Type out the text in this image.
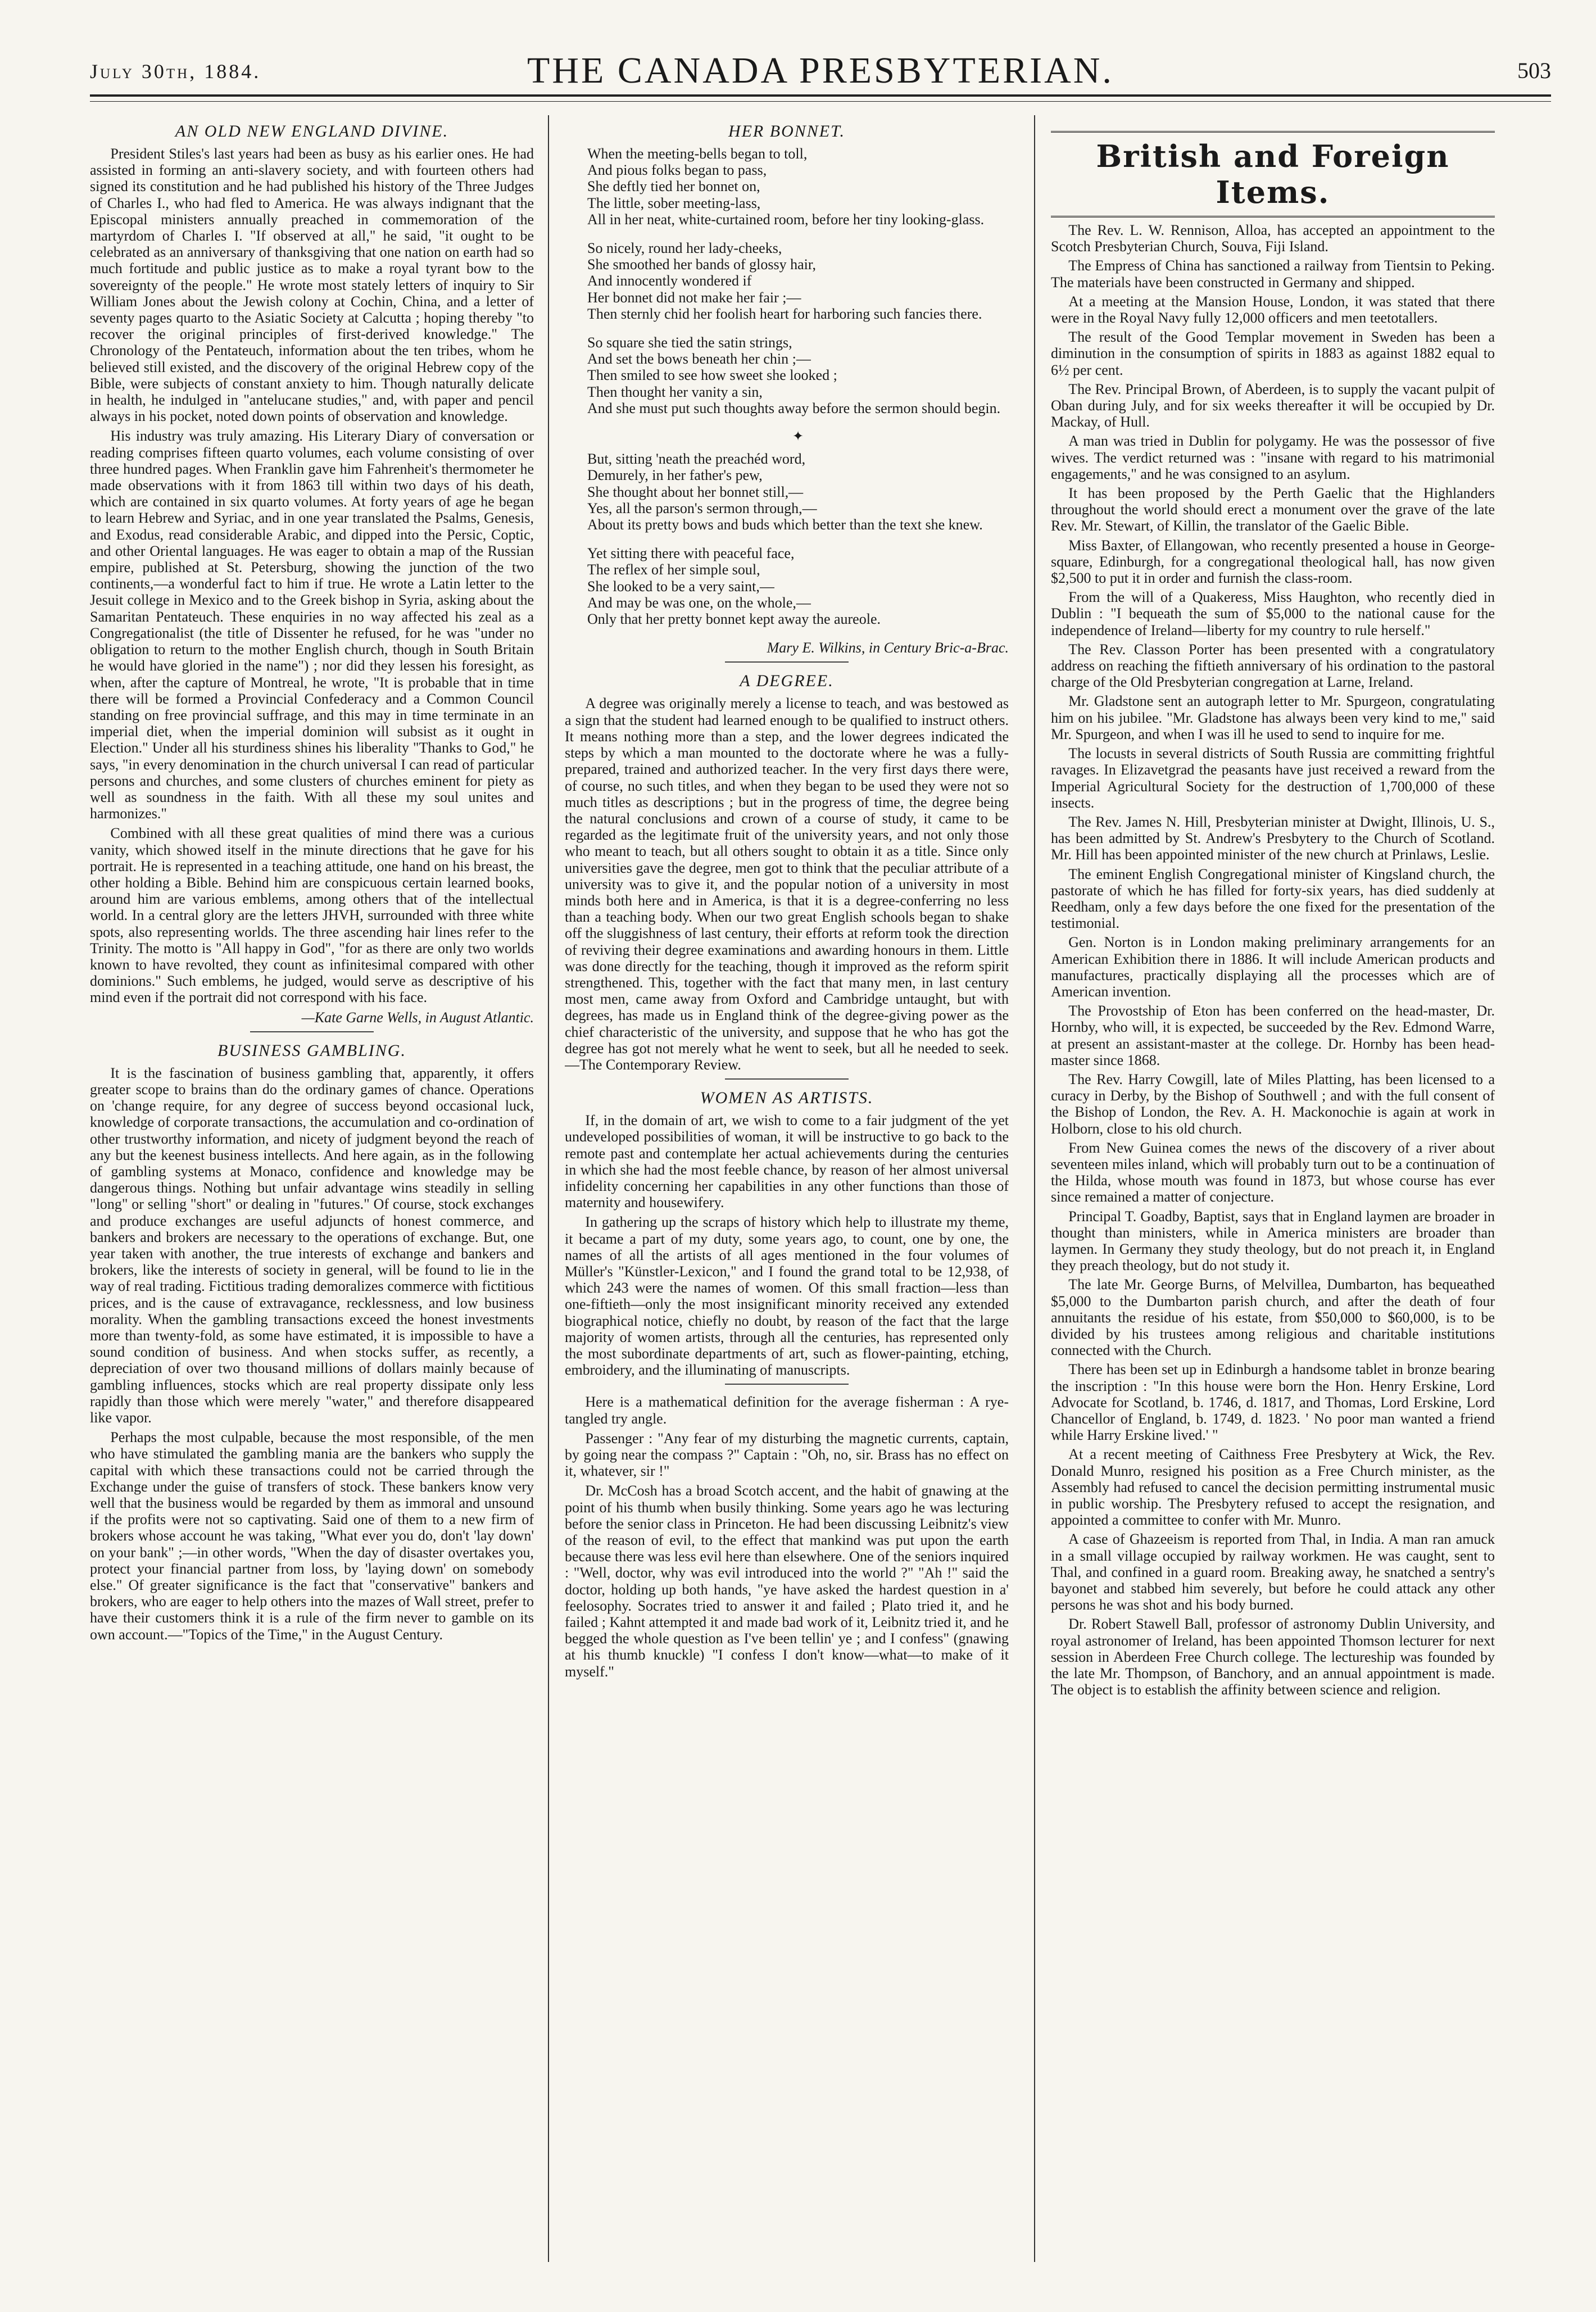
July 30th, 1884.	THE CANADA PRESBYTERIAN.	503
AN OLD NEW ENGLAND DIVINE.

President Stiles's last years had been as busy as his earlier ones. He had assisted in forming an anti-slavery society, and with fourteen others had signed its constitution and he had published his history of the Three Judges of Charles I., who had fled to America. He was always indignant that the Episcopal ministers annually preached in commemoration of the martyrdom of Charles I. "If observed at all," he said, "it ought to be celebrated as an anniversary of thanksgiving that one nation on earth had so much fortitude and public justice as to make a royal tyrant bow to the sovereignty of the people." He wrote most stately letters of inquiry to Sir William Jones about the Jewish colony at Cochin, China, and a letter of seventy pages quarto to the Asiatic Society at Calcutta ; hoping thereby "to recover the original principles of first-derived knowledge." The Chronology of the Pentateuch, information about the ten tribes, whom he believed still existed, and the discovery of the original Hebrew copy of the Bible, were subjects of constant anxiety to him. Though naturally delicate in health, he indulged in "antelucane studies," and, with paper and pencil always in his pocket, noted down points of observation and knowledge.

His industry was truly amazing. His Literary Diary of conversation or reading comprises fifteen quarto volumes, each volume consisting of over three hundred pages. When Franklin gave him Fahrenheit's thermometer he made observations with it from 1863 till within two days of his death, which are contained in six quarto volumes. At forty years of age he began to learn Hebrew and Syriac, and in one year translated the Psalms, Genesis, and Exodus, read considerable Arabic, and dipped into the Persic, Coptic, and other Oriental languages. He was eager to obtain a map of the Russian empire, published at St. Petersburg, showing the junction of the two continents,—a wonderful fact to him if true. He wrote a Latin letter to the Jesuit college in Mexico and to the Greek bishop in Syria, asking about the Samaritan Pentateuch. These enquiries in no way affected his zeal as a Congregationalist (the title of Dissenter he refused, for he was "under no obligation to return to the mother English church, though in South Britain he would have gloried in the name") ; nor did they lessen his foresight, as when, after the capture of Montreal, he wrote, "It is probable that in time there will be formed a Provincial Confederacy and a Common Council standing on free provincial suffrage, and this may in time terminate in an imperial diet, when the imperial dominion will subsist as it ought in Election." Under all his sturdiness shines his liberality "Thanks to God," he says, "in every denomination in the church universal I can read of particular persons and churches, and some clusters of churches eminent for piety as well as soundness in the faith. With all these my soul unites and harmonizes."

Combined with all these great qualities of mind there was a curious vanity, which showed itself in the minute directions that he gave for his portrait. He is represented in a teaching attitude, one hand on his breast, the other holding a Bible. Behind him are conspicuous certain learned books, around him are various emblems, among others that of the intellectual world. In a central glory are the letters JHVH, surrounded with three white spots, also representing worlds. The three ascending hair lines refer to the Trinity. The motto is "All happy in God", "for as there are only two worlds known to have revolted, they count as infinitesimal compared with other dominions." Such emblems, he judged, would serve as descriptive of his mind even if the portrait did not correspond with his face.

—Kate Garne Wells, in August Atlantic.

BUSINESS GAMBLING.

It is the fascination of business gambling that, apparently, it offers greater scope to brains than do the ordinary games of chance. Operations on 'change require, for any degree of success beyond occasional luck, knowledge of corporate transactions, the accumulation and co-ordination of other trustworthy information, and nicety of judgment beyond the reach of any but the keenest business intellects. And here again, as in the following of gambling systems at Monaco, confidence and knowledge may be dangerous things. Nothing but unfair advantage wins steadily in selling "long" or selling "short" or dealing in "futures." Of course, stock exchanges and produce exchanges are useful adjuncts of honest commerce, and bankers and brokers are necessary to the operations of exchange. But, one year taken with another, the true interests of exchange and bankers and brokers, like the interests of society in general, will be found to lie in the way of real trading. Fictitious trading demoralizes commerce with fictitious prices, and is the cause of extravagance, recklessness, and low business morality. When the gambling transactions exceed the honest investments more than twenty-fold, as some have estimated, it is impossible to have a sound condition of business. And when stocks suffer, as recently, a depreciation of over two thousand millions of dollars mainly because of gambling influences, stocks which are real property dissipate only less rapidly than those which were merely "water," and therefore disappeared like vapor.

Perhaps the most culpable, because the most responsible, of the men who have stimulated the gambling mania are the bankers who supply the capital with which these transactions could not be carried through the Exchange under the guise of transfers of stock. These bankers know very well that the business would be regarded by them as immoral and unsound if the profits were not so captivating. Said one of them to a new firm of brokers whose account he was taking, "What ever you do, don't 'lay down' on your bank" ;—in other words, "When the day of disaster overtakes you, protect your financial partner from loss, by 'laying down' on somebody else." Of greater significance is the fact that "conservative" bankers and brokers, who are eager to help others into the mazes of Wall street, prefer to have their customers think it is a rule of the firm never to gamble on its own account.—"Topics of the Time," in the August Century.

HER BONNET.
When the meeting-bells began to toll,
And pious folks began to pass,
She deftly tied her bonnet on,
The little, sober meeting-lass,
All in her neat, white-curtained room, before her tiny looking-glass.
So nicely, round her lady-cheeks,
She smoothed her bands of glossy hair,
And innocently wondered if
Her bonnet did not make her fair ;—
Then sternly chid her foolish heart for harboring such fancies there.
So square she tied the satin strings,
And set the bows beneath her chin ;—
Then smiled to see how sweet she looked ;
Then thought her vanity a sin,
And she must put such thoughts away before the sermon should begin.
✦
But, sitting 'neath the preachéd word,
Demurely, in her father's pew,
She thought about her bonnet still,—
Yes, all the parson's sermon through,—
About its pretty bows and buds which better than the text she knew.
Yet sitting there with peaceful face,
The reflex of her simple soul,
She looked to be a very saint,—
And may be was one, on the whole,—
Only that her pretty bonnet kept away the aureole.

Mary E. Wilkins, in Century Bric-a-Brac.

A DEGREE.

A degree was originally merely a license to teach, and was bestowed as a sign that the student had learned enough to be qualified to instruct others. It means nothing more than a step, and the lower degrees indicated the steps by which a man mounted to the doctorate where he was a fully-prepared, trained and authorized teacher. In the very first days there were, of course, no such titles, and when they began to be used they were not so much titles as descriptions ; but in the progress of time, the degree being the natural conclusions and crown of a course of study, it came to be regarded as the legitimate fruit of the university years, and not only those who meant to teach, but all others sought to obtain it as a title. Since only universities gave the degree, men got to think that the peculiar attribute of a university was to give it, and the popular notion of a university in most minds both here and in America, is that it is a degree-conferring no less than a teaching body. When our two great English schools began to shake off the sluggishness of last century, their efforts at reform took the direction of reviving their degree examinations and awarding honours in them. Little was done directly for the teaching, though it improved as the reform spirit strengthened. This, together with the fact that many men, in last century most men, came away from Oxford and Cambridge untaught, but with degrees, has made us in England think of the degree-giving power as the chief characteristic of the university, and suppose that he who has got the degree has got not merely what he went to seek, but all he needed to seek.—The Contemporary Review.

WOMEN AS ARTISTS.

If, in the domain of art, we wish to come to a fair judgment of the yet undeveloped possibilities of woman, it will be instructive to go back to the remote past and contemplate her actual achievements during the centuries in which she had the most feeble chance, by reason of her almost universal infidelity concerning her capabilities in any other functions than those of maternity and housewifery.

In gathering up the scraps of history which help to illustrate my theme, it became a part of my duty, some years ago, to count, one by one, the names of all the artists of all ages mentioned in the four volumes of Müller's "Künstler-Lexicon," and I found the grand total to be 12,938, of which 243 were the names of women. Of this small fraction—less than one-fiftieth—only the most insignificant minority received any extended biographical notice, chiefly no doubt, by reason of the fact that the large majority of women artists, through all the centuries, has represented only the most subordinate departments of art, such as flower-painting, etching, embroidery, and the illuminating of manuscripts.

Here is a mathematical definition for the average fisherman : A rye-tangled try angle.

Passenger : "Any fear of my disturbing the magnetic currents, captain, by going near the compass ?" Captain : "Oh, no, sir. Brass has no effect on it, whatever, sir !"

Dr. McCosh has a broad Scotch accent, and the habit of gnawing at the point of his thumb when busily thinking. Some years ago he was lecturing before the senior class in Princeton. He had been discussing Leibnitz's view of the reason of evil, to the effect that mankind was put upon the earth because there was less evil here than elsewhere. One of the seniors inquired : "Well, doctor, why was evil introduced into the world ?" "Ah !" said the doctor, holding up both hands, "ye have asked the hardest question in a' feelosophy. Socrates tried to answer it and failed ; Plato tried it, and he failed ; Kahnt attempted it and made bad work of it, Leibnitz tried it, and he begged the whole question as I've been tellin' ye ; and I confess" (gnawing at his thumb knuckle) "I confess I don't know—what—to make of it myself."

British and Foreign Items.

The Rev. L. W. Rennison, Alloa, has accepted an appointment to the Scotch Presbyterian Church, Souva, Fiji Island.

The Empress of China has sanctioned a railway from Tientsin to Peking. The materials have been constructed in Germany and shipped.

At a meeting at the Mansion House, London, it was stated that there were in the Royal Navy fully 12,000 officers and men teetotallers.

The result of the Good Templar movement in Sweden has been a diminution in the consumption of spirits in 1883 as against 1882 equal to 6½ per cent.

The Rev. Principal Brown, of Aberdeen, is to supply the vacant pulpit of Oban during July, and for six weeks thereafter it will be occupied by Dr. Mackay, of Hull.

A man was tried in Dublin for polygamy. He was the possessor of five wives. The verdict returned was : "insane with regard to his matrimonial engagements," and he was consigned to an asylum.

It has been proposed by the Perth Gaelic that the Highlanders throughout the world should erect a monument over the grave of the late Rev. Mr. Stewart, of Killin, the translator of the Gaelic Bible.

Miss Baxter, of Ellangowan, who recently presented a house in George-square, Edinburgh, for a congregational theological hall, has now given $2,500 to put it in order and furnish the class-room.

From the will of a Quakeress, Miss Haughton, who recently died in Dublin : "I bequeath the sum of $5,000 to the national cause for the independence of Ireland—liberty for my country to rule herself."

The Rev. Classon Porter has been presented with a congratulatory address on reaching the fiftieth anniversary of his ordination to the pastoral charge of the Old Presbyterian congregation at Larne, Ireland.

Mr. Gladstone sent an autograph letter to Mr. Spurgeon, congratulating him on his jubilee. "Mr. Gladstone has always been very kind to me," said Mr. Spurgeon, and when I was ill he used to send to inquire for me.

The locusts in several districts of South Russia are committing frightful ravages. In Elizavetgrad the peasants have just received a reward from the Imperial Agricultural Society for the destruction of 1,700,000 of these insects.

The Rev. James N. Hill, Presbyterian minister at Dwight, Illinois, U. S., has been admitted by St. Andrew's Presbytery to the Church of Scotland. Mr. Hill has been appointed minister of the new church at Prinlaws, Leslie.

The eminent English Congregational minister of Kingsland church, the pastorate of which he has filled for forty-six years, has died suddenly at Reedham, only a few days before the one fixed for the presentation of the testimonial.

Gen. Norton is in London making preliminary arrangements for an American Exhibition there in 1886. It will include American products and manufactures, practically displaying all the processes which are of American invention.

The Provostship of Eton has been conferred on the head-master, Dr. Hornby, who will, it is expected, be succeeded by the Rev. Edmond Warre, at present an assistant-master at the college. Dr. Hornby has been head-master since 1868.

The Rev. Harry Cowgill, late of Miles Platting, has been licensed to a curacy in Derby, by the Bishop of Southwell ; and with the full consent of the Bishop of London, the Rev. A. H. Mackonochie is again at work in Holborn, close to his old church.

From New Guinea comes the news of the discovery of a river about seventeen miles inland, which will probably turn out to be a continuation of the Hilda, whose mouth was found in 1873, but whose course has ever since remained a matter of conjecture.

Principal T. Goadby, Baptist, says that in England laymen are broader in thought than ministers, while in America ministers are broader than laymen. In Germany they study theology, but do not preach it, in England they preach theology, but do not study it.

The late Mr. George Burns, of Melvillea, Dumbarton, has bequeathed $5,000 to the Dumbarton parish church, and after the death of four annuitants the residue of his estate, from $50,000 to $60,000, is to be divided by his trustees among religious and charitable institutions connected with the Church.

There has been set up in Edinburgh a handsome tablet in bronze bearing the inscription : "In this house were born the Hon. Henry Erskine, Lord Advocate for Scotland, b. 1746, d. 1817, and Thomas, Lord Erskine, Lord Chancellor of England, b. 1749, d. 1823. ' No poor man wanted a friend while Harry Erskine lived.' "

At a recent meeting of Caithness Free Presbytery at Wick, the Rev. Donald Munro, resigned his position as a Free Church minister, as the Assembly had refused to cancel the decision permitting instrumental music in public worship. The Presbytery refused to accept the resignation, and appointed a committee to confer with Mr. Munro.

A case of Ghazeeism is reported from Thal, in India. A man ran amuck in a small village occupied by railway workmen. He was caught, sent to Thal, and confined in a guard room. Breaking away, he snatched a sentry's bayonet and stabbed him severely, but before he could attack any other persons he was shot and his body burned.

Dr. Robert Stawell Ball, professor of astronomy Dublin University, and royal astronomer of Ireland, has been appointed Thomson lecturer for next session in Aberdeen Free Church college. The lectureship was founded by the late Mr. Thompson, of Banchory, and an annual appointment is made. The object is to establish the affinity between science and religion.
